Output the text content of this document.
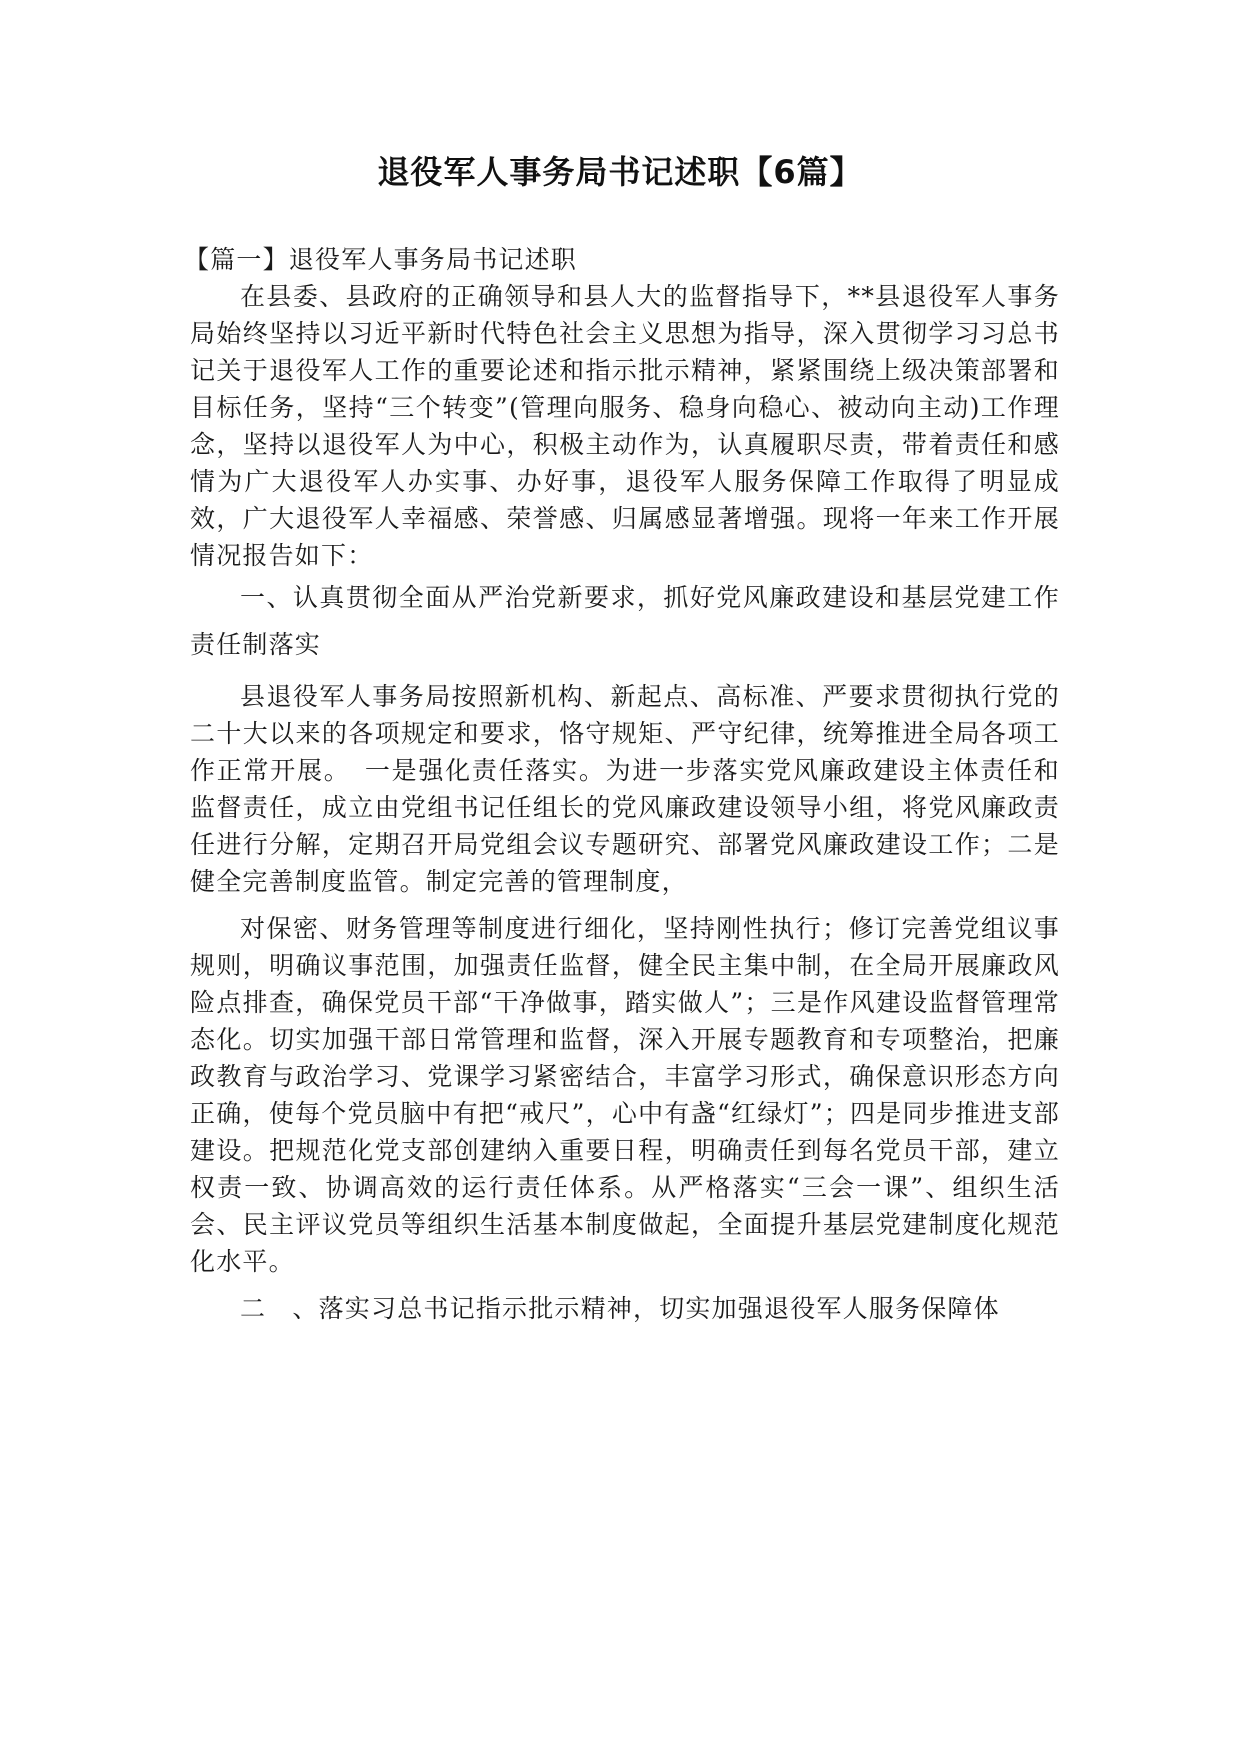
退役军人事务局书记述职【6篇】

【篇一】退役军人事务局书记述职

在县委、县政府的正确领导和县人大的监督指导下，**县退役军人事务局始终坚持以习近平新时代特色社会主义思想为指导，深入贯彻学习习总书记关于退役军人工作的重要论述和指示批示精神，紧紧围绕上级决策部署和目标任务，坚持“三个转变”(管理向服务、稳身向稳心、被动向主动)工作理念，坚持以退役军人为中心，积极主动作为，认真履职尽责，带着责任和感情为广大退役军人办实事、办好事，退役军人服务保障工作取得了明显成效，广大退役军人幸福感、荣誉感、归属感显著增强。现将一年来工作开展情况报告如下：

一、认真贯彻全面从严治党新要求，抓好党风廉政建设和基层党建工作责任制落实

县退役军人事务局按照新机构、新起点、高标准、严要求贯彻执行党的二十大以来的各项规定和要求，恪守规矩、严守纪律，统筹推进全局各项工作正常开展。　一是强化责任落实。为进一步落实党风廉政建设主体责任和监督责任，成立由党组书记任组长的党风廉政建设领导小组，将党风廉政责任进行分解，定期召开局党组会议专题研究、部署党风廉政建设工作；二是健全完善制度监管。制定完善的管理制度，

对保密、财务管理等制度进行细化，坚持刚性执行；修订完善党组议事规则，明确议事范围，加强责任监督，健全民主集中制，在全局开展廉政风险点排查，确保党员干部“干净做事，踏实做人”；三是作风建设监督管理常态化。切实加强干部日常管理和监督，深入开展专题教育和专项整治，把廉政教育与政治学习、党课学习紧密结合，丰富学习形式，确保意识形态方向正确，使每个党员脑中有把“戒尺”，心中有盏“红绿灯”；四是同步推进支部建设。把规范化党支部创建纳入重要日程，明确责任到每名党员干部，建立权责一致、协调高效的运行责任体系。从严格落实“三会一课”、组织生活会、民主评议党员等组织生活基本制度做起，全面提升基层党建制度化规范化水平。

二　、落实习总书记指示批示精神，切实加强退役军人服务保障体
